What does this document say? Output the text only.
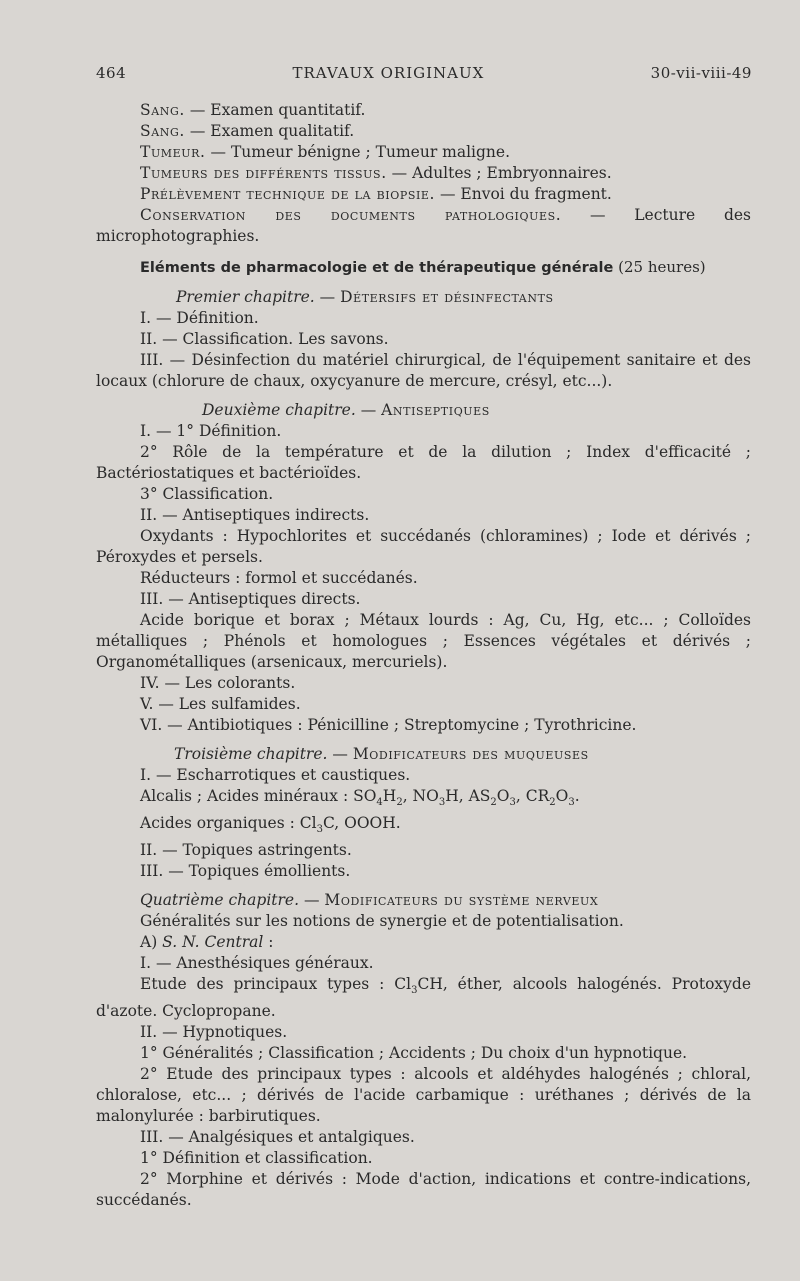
464	TRAVAUX ORIGINAUX	30-vii-viii-49

Sang. — Examen quantitatif.

Sang. — Examen qualitatif.

Tumeur. — Tumeur bénigne ; Tumeur maligne.

Tumeurs des différents tissus. — Adultes ; Embryonnaires.

Prélèvement technique de la biopsie. — Envoi du fragment.

Conservation des documents pathologiques. — Lecture des microphotographies.

Eléments de pharmacologie et de thérapeutique générale (25 heures)

Premier chapitre. — Détersifs et désinfectants

I. — Définition.

II. — Classification. Les savons.

III. — Désinfection du matériel chirurgical, de l'équipement sanitaire et des locaux (chlorure de chaux, oxycyanure de mercure, crésyl, etc...).

Deuxième chapitre. — Antiseptiques

I. — 1° Définition.

2° Rôle de la température et de la dilution ; Index d'efficacité ; Bactériostatiques et bactérioïdes.

3° Classification.

II. — Antiseptiques indirects.

Oxydants : Hypochlorites et succédanés (chloramines) ; Iode et dérivés ; Péroxydes et persels.

Réducteurs : formol et succédanés.

III. — Antiseptiques directs.

Acide borique et borax ; Métaux lourds : Ag, Cu, Hg, etc... ; Colloïdes métalliques ; Phénols et homologues ; Essences végétales et dérivés ; Organométalliques (arsenicaux, mercuriels).

IV. — Les colorants.

V. — Les sulfamides.

VI. — Antibiotiques : Pénicilline ; Streptomycine ; Tyrothricine.

Troisième chapitre. — Modificateurs des muqueuses

I. — Escharrotiques et caustiques.

Alcalis ; Acides minéraux : $SO_4H_2$, $NO_3H$, $AS_2O_3$, $CR_2O_3$.

Acides organiques : $Cl_3C$, OOOH.

II. — Topiques astringents.

III. — Topiques émollients.

Quatrième chapitre. — Modificateurs du système nerveux

Généralités sur les notions de synergie et de potentialisation.

A) S. N. Central :

I. — Anesthésiques généraux.

Etude des principaux types : $Cl_3CH$, éther, alcools halogénés. Protoxyde d'azote. Cyclopropane.

II. — Hypnotiques.

1° Généralités ; Classification ; Accidents ; Du choix d'un hypnotique.

2° Etude des principaux types : alcools et aldéhydes halogénés ; chloral, chloralose, etc... ; dérivés de l'acide carbamique : uréthanes ; dérivés de la malonylurée : barbirutiques.

III. — Analgésiques et antalgiques.

1° Définition et classification.

2° Morphine et dérivés : Mode d'action, indications et contre-indications, succédanés.
